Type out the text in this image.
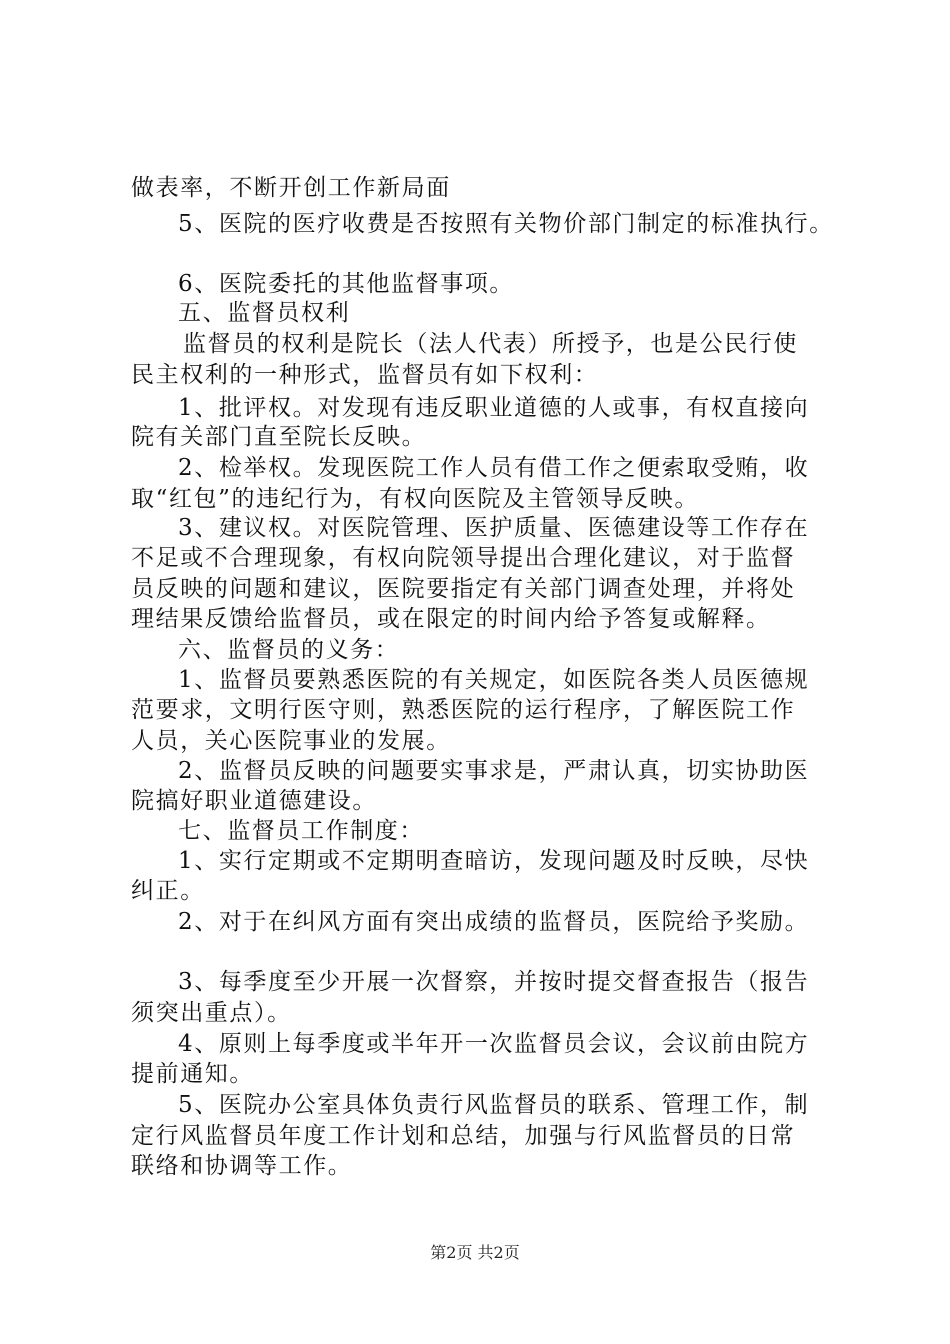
做表率，不断开创工作新局面
5、医院的医疗收费是否按照有关物价部门制定的标准执行。
6、医院委托的其他监督事项。
五、监督员权利
监督员的权利是院长（法人代表）所授予，也是公民行使
民主权利的一种形式，监督员有如下权利：
1、批评权。对发现有违反职业道德的人或事，有权直接向
院有关部门直至院长反映。
2、检举权。发现医院工作人员有借工作之便索取受贿，收
取“红包”的违纪行为，有权向医院及主管领导反映。
3、建议权。对医院管理、医护质量、医德建设等工作存在
不足或不合理现象，有权向院领导提出合理化建议，对于监督
员反映的问题和建议，医院要指定有关部门调查处理，并将处
理结果反馈给监督员，或在限定的时间内给予答复或解释。
六、监督员的义务：
1、监督员要熟悉医院的有关规定，如医院各类人员医德规
范要求，文明行医守则，熟悉医院的运行程序，了解医院工作
人员，关心医院事业的发展。
2、监督员反映的问题要实事求是，严肃认真，切实协助医
院搞好职业道德建设。
七、监督员工作制度：
1、实行定期或不定期明查暗访，发现问题及时反映，尽快
纠正。
2、对于在纠风方面有突出成绩的监督员，医院给予奖励。
3、每季度至少开展一次督察，并按时提交督查报告（报告
须突出重点）。
4、原则上每季度或半年开一次监督员会议，会议前由院方
提前通知。
5、医院办公室具体负责行风监督员的联系、管理工作，制
定行风监督员年度工作计划和总结，加强与行风监督员的日常
联络和协调等工作。
第2页 共2页
